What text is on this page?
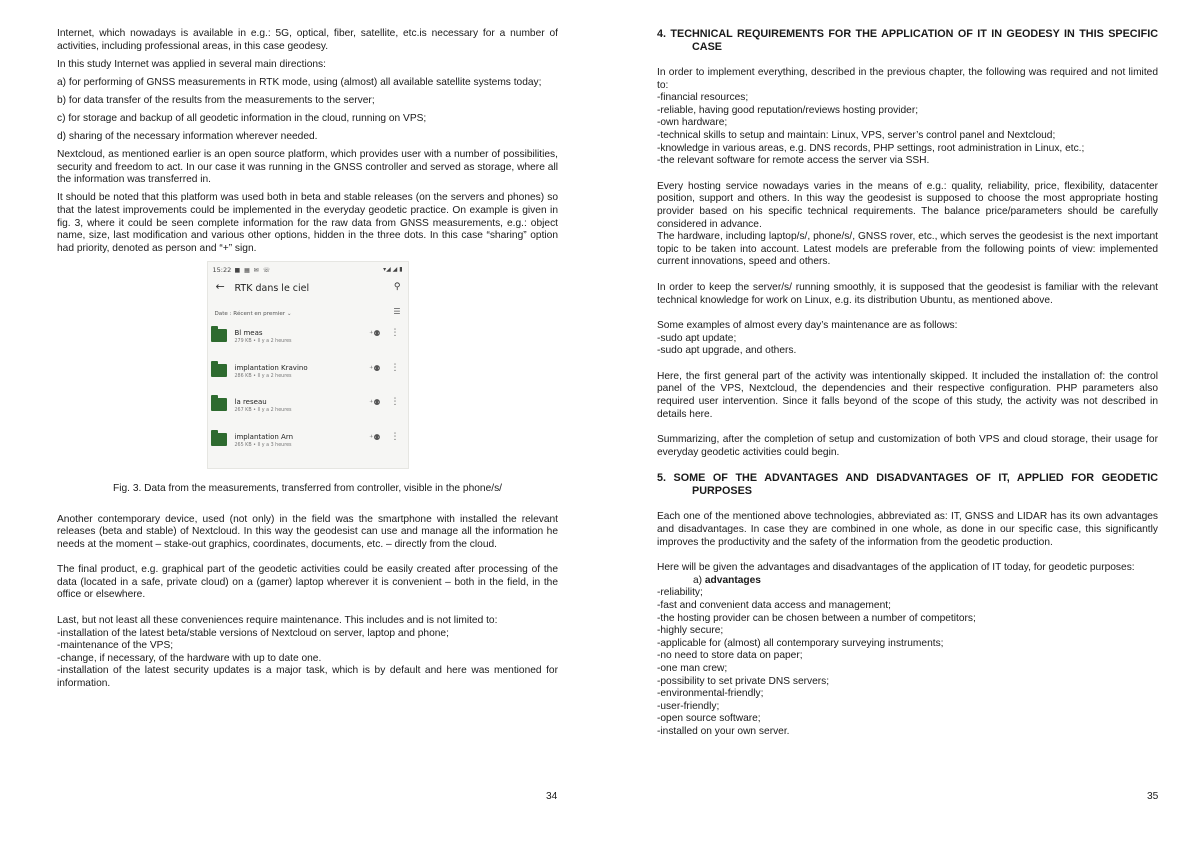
Internet, which nowadays is available in e.g.: 5G, optical, fiber, satellite, etc.is necessary for a number of activities, including professional areas, in this case geodesy.

In this study Internet was applied in several main directions:

a) for performing of GNSS measurements in RTK mode, using (almost) all available satellite systems today;

b) for data transfer of the results from the measurements to the server;

c) for storage and backup of all geodetic information in the cloud, running on VPS;

d) sharing of the necessary information wherever needed.

Nextcloud, as mentioned earlier is an open source platform, which provides user with a number of possibilities, security and freedom to act. In our case it was running in the GNSS controller and served as storage, where all the information was transferred in.

It should be noted that this platform was used both in beta and stable releases (on the servers and phones) so that the latest improvements could be implemented in the everyday geodetic practice. On example is given in fig. 3, where it could be seen complete information for the raw data from GNSS measurements, e.g.: object name, size, last modification and various other options, hidden in the three dots. In this case “sharing” option had priority, denoted as person and “+” sign.

15:22 ■ ▦ ✉ ☏	▾◢ ◢ ▮
← RTK dans le ciel	⚲
Date : Récent en premier ⌄	☰
Bl meas
279 KB • Il y a 2 heures
⁺⚉ ⋮
implantation Kravino
286 KB • Il y a 2 heures
⁺⚉ ⋮
la reseau
267 KB • Il y a 2 heures
⁺⚉ ⋮
implantation Arn
265 KB • Il y a 3 heures
⁺⚉ ⋮
Fig. 3. Data from the measurements, transferred from controller, visible in the phone/s/

Another contemporary device, used (not only) in the field was the smartphone with installed the relevant releases (beta and stable) of Nextcloud. In this way the geodesist can use and manage all the information he needs at the moment – stake-out graphics, coordinates, documents, etc. – directly from the cloud.

The final product, e.g. graphical part of the geodetic activities could be easily created after processing of the data (located in a safe, private cloud) on a (gamer) laptop wherever it is convenient – both in the field, in the office or elsewhere.

Last, but not least all these conveniences require maintenance. This includes and is not limited to:
-installation of the latest beta/stable versions of Nextcloud on server, laptop and phone;
-maintenance of the VPS;
-change, if necessary, of the hardware with up to date one.
-installation of the latest security updates is a major task, which is by default and here was mentioned for information.
34
4. TECHNICAL REQUIREMENTS FOR THE APPLICATION OF IT IN GEODESY IN THIS SPECIFIC CASE
In order to implement everything, described in the previous chapter, the following was required and not limited to:
-financial resources;
-reliable, having good reputation/reviews hosting provider;
-own hardware;
-technical skills to setup and maintain: Linux, VPS, server’s control panel and Nextcloud;
-knowledge in various areas, e.g. DNS records, PHP settings, root administration in Linux, etc.;
-the relevant software for remote access the server via SSH.
Every hosting service nowadays varies in the means of e.g.: quality, reliability, price, flexibility, datacenter position, support and others. In this way the geodesist is supposed to choose the most appropriate hosting provider based on his specific technical requirements. The balance price/parameters should be carefully considered in advance.
The hardware, including laptop/s/, phone/s/, GNSS rover, etc., which serves the geodesist is the next important topic to be taken into account. Latest models are preferable from the following points of view: implemented current innovations, speed and others.

In order to keep the server/s/ running smoothly, it is supposed that the geodesist is familiar with the relevant technical knowledge for work on Linux, e.g. its distribution Ubuntu, as mentioned above.

Some examples of almost every day’s maintenance are as follows:
-sudo apt update;
-sudo apt upgrade, and others.

Here, the first general part of the activity was intentionally skipped. It included the installation of: the control panel of the VPS, Nextcloud, the dependencies and their respective configuration. PHP parameters also required user intervention. Since it falls beyond of the scope of this study, the activity was not described in details here.

Summarizing, after the completion of setup and customization of both VPS and cloud storage, their usage for everyday geodetic activities could begin.

5. SOME OF THE ADVANTAGES AND DISADVANTAGES OF IT, APPLIED FOR GEODETIC PURPOSES

Each one of the mentioned above technologies, abbreviated as: IT, GNSS and LIDAR has its own advantages and disadvantages. In case they are combined in one whole, as done in our specific case, this significantly improves the productivity and the safety of the information from the geodetic production.

Here will be given the advantages and disadvantages of the application of IT today, for geodetic purposes:
a) advantages
-reliability;
-fast and convenient data access and management;
-the hosting provider can be chosen between a number of competitors;
-highly secure;
-applicable for (almost) all contemporary surveying instruments;
-no need to store data on paper;
-one man crew;
-possibility to set private DNS servers;
-environmental-friendly;
-user-friendly;
-open source software;
-installed on your own server.
35
